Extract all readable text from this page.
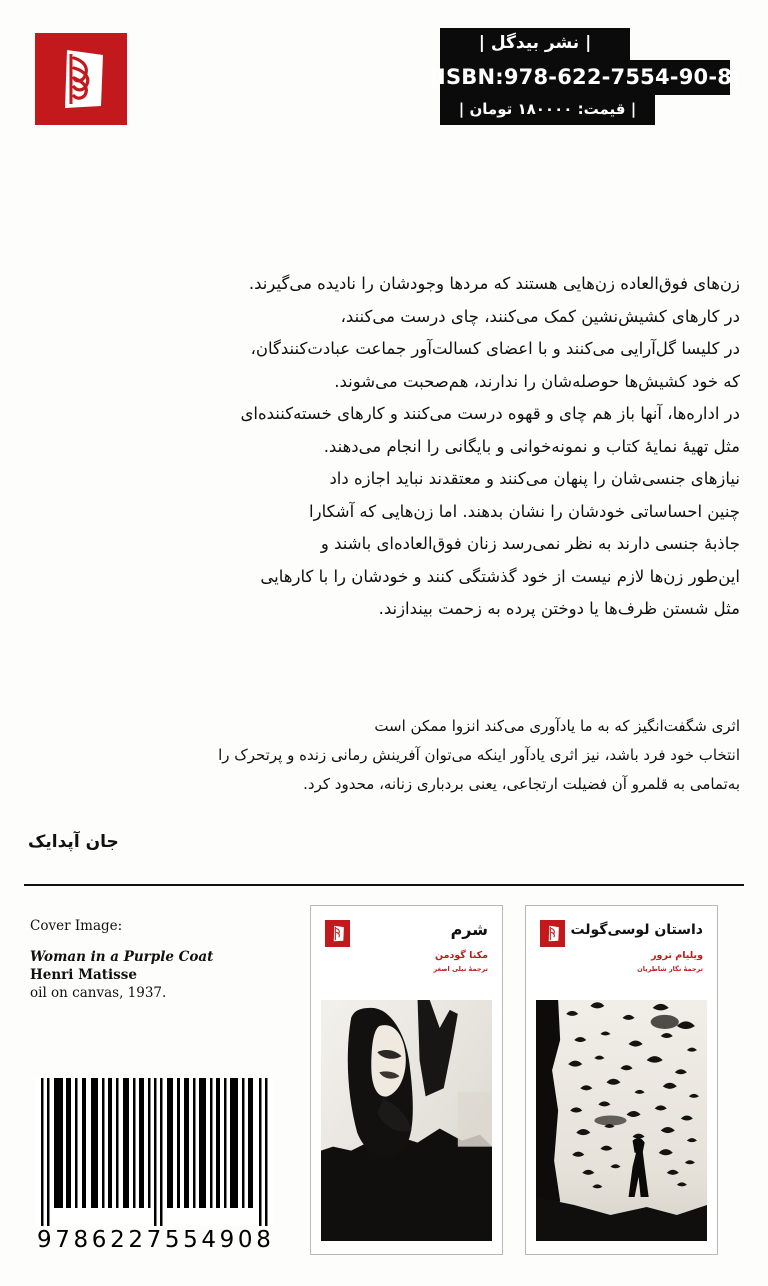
| نشر بیدگل |
|ISBN:978-622-7554-90-8|
| قیمت: ۱۸۰۰۰۰ تومان |

زن‌های فوق‌العاده زن‌هایی هستند که مردها وجودشان را نادیده می‌گیرند.

در کارهای کشیش‌نشین کمک می‌کنند، چای درست می‌کنند،

در کلیسا گل‌آرایی می‌کنند و با اعضای کسالت‌آور جماعت عبادت‌کنندگان،

که خود کشیش‌ها حوصله‌شان را ندارند، هم‌صحبت می‌شوند.

در اداره‌ها، آنها باز هم چای و قهوه درست می‌کنند و کارهای خسته‌کننده‌ای

مثل تهیهٔ نمایهٔ کتاب و نمونه‌خوانی و بایگانی را انجام می‌دهند.

نیازهای جنسی‌شان را پنهان می‌کنند و معتقدند نباید اجازه داد

چنین احساساتی خودشان را نشان بدهند. اما زن‌هایی که آشکارا

جاذبهٔ جنسی دارند به نظر نمی‌رسد زنان فوق‌العاده‌ای باشند و

این‌طور زن‌ها لازم نیست از خود گذشتگی کنند و خودشان را با کارهایی

مثل شستن ظرف‌ها یا دوختن پرده به زحمت بیندازند.

اثری شگفت‌انگیز که به ما یادآوری می‌کند انزوا ممکن است

انتخاب خود فرد باشد، نیز اثری یادآور اینکه می‌توان آفرینش رمانی زنده و پرتحرک را

به‌تمامی به قلمرو آن فضیلت ارتجاعی، یعنی بردباری زنانه، محدود کرد.

جان آپدایک
Cover Image:
Woman in a Purple Coat
Henri Matisse
oil on canvas, 1937.
9 7 8 6 2 2 7 5 5 4 9 0 8
شرم
مکنا گودمن
ترجمهٔ نیلی اصغر
داستان لوسی‌گولت
ویلیام ترور
ترجمهٔ نگار شاطریان
